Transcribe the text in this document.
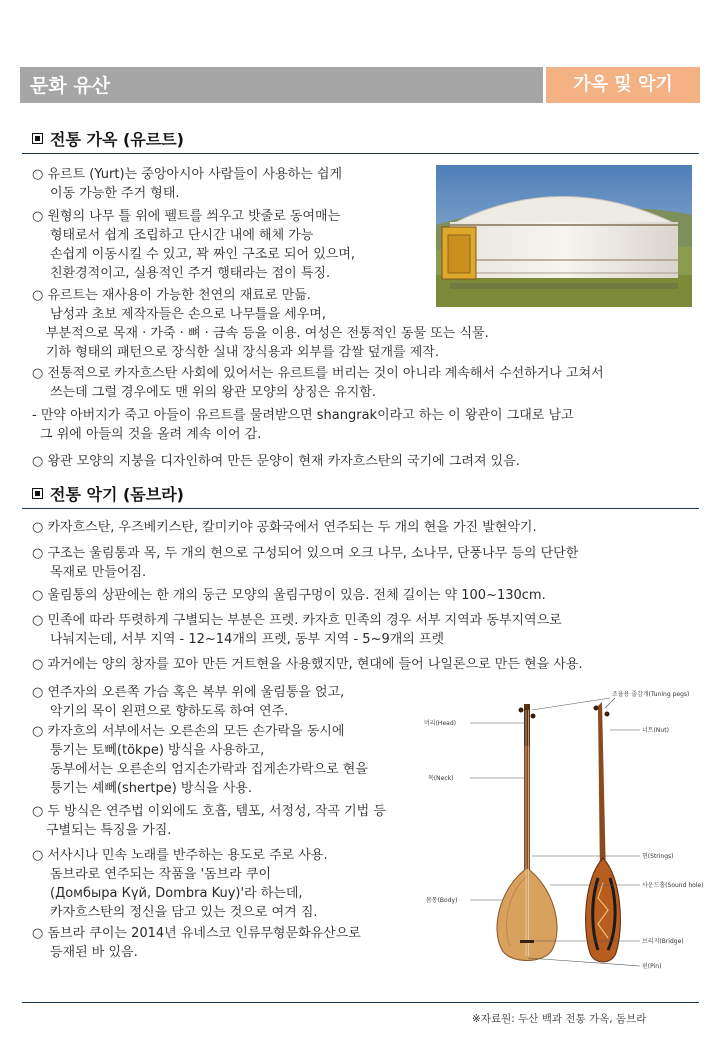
문화 유산	가옥 및 악기
전통 가옥 (유르트)
○ 유르트 (Yurt)는 중앙아시아 사람들이 사용하는 쉽게
이동 가능한 주거 형태.
○ 원형의 나무 틀 위에 펠트를 씌우고 밧줄로 동여매는
형태로서 쉽게 조립하고 단시간 내에 해체 가능
손쉽게 이동시킬 수 있고, 꽉 짜인 구조로 되어 있으며,
친환경적이고, 실용적인 주거 행태라는 점이 특징.
○ 유르트는 재사용이 가능한 천연의 재료로 만듦.
남성과 초보 제작자들은 손으로 나무틀을 세우며,
부분적으로 목재 · 가죽 · 뼈 · 금속 등을 이용. 여성은 전통적인 동물 또는 식물.
기하 형태의 패턴으로 장식한 실내 장식용과 외부를 감쌀 덮개를 제작.
○ 전통적으로 카자흐스탄 사회에 있어서는 유르트를 버리는 것이 아니라 계속해서 수선하거나 고쳐서
쓰는데 그럴 경우에도 맨 위의 왕관 모양의 상징은 유지함.
- 만약 아버지가 죽고 아들이 유르트를 물려받으면 shangrak이라고 하는 이 왕관이 그대로 남고
그 위에 아들의 것을 올려 계속 이어 감.
○ 왕관 모양의 지붕을 디자인하여 만든 문양이 현재 카자흐스탄의 국기에 그려져 있음.
전통 악기 (돔브라)
○ 카자흐스탄, 우즈베키스탄, 칼미키야 공화국에서 연주되는 두 개의 현을 가진 발현악기.
○ 구조는 울림통과 목, 두 개의 현으로 구성되어 있으며 오크 나무, 소나무, 단풍나무 등의 단단한
목재로 만들어짐.
○ 울림통의 상판에는 한 개의 둥근 모양의 울림구멍이 있음. 전체 길이는 약 100~130cm.
○ 민족에 따라 뚜렷하게 구별되는 부분은 프렛. 카자흐 민족의 경우 서부 지역과 동부지역으로
나눠지는데, 서부 지역 - 12~14개의 프렛, 동부 지역 - 5~9개의 프렛
○ 과거에는 양의 창자를 꼬아 만든 거트현을 사용했지만, 현대에 들어 나일론으로 만든 현을 사용.
○ 연주자의 오른쪽 가슴 혹은 복부 위에 울림통을 얹고,
악기의 목이 왼편으로 향하도록 하여 연주.
○ 카자흐의 서부에서는 오른손의 모든 손가락을 동시에
퉁기는 토뻬(tökpe) 방식을 사용하고,
동부에서는 오른손의 엄지손가락과 집게손가락으로 현을
퉁기는 셰뻬(shertpe) 방식을 사용.
○ 두 방식은 연주법 이외에도 호흡, 템포, 서정성, 작곡 기법 등
구별되는 특징을 가짐.
○ 서사시나 민속 노래를 반주하는 용도로 주로 사용.
돔브라로 연주되는 작품을 '돔브라 쿠이
(Домбыра Күй, Dombra Kuy)'라 하는데,
카자흐스탄의 정신을 담고 있는 것으로 여겨 짐.
○ 돔브라 쿠이는 2014년 유네스코 인류무형문화유산으로
등재된 바 있음.
조율용 줄감개(Tuning pegs)
머리(Head)
너트(Nut)
목(Neck)
현(Strings)
사운드홀(Sound hole)
몸통(Body)
브리지(Bridge)
핀(Pin)
※자료원: 두산 백과 전통 가옥, 돔브라
